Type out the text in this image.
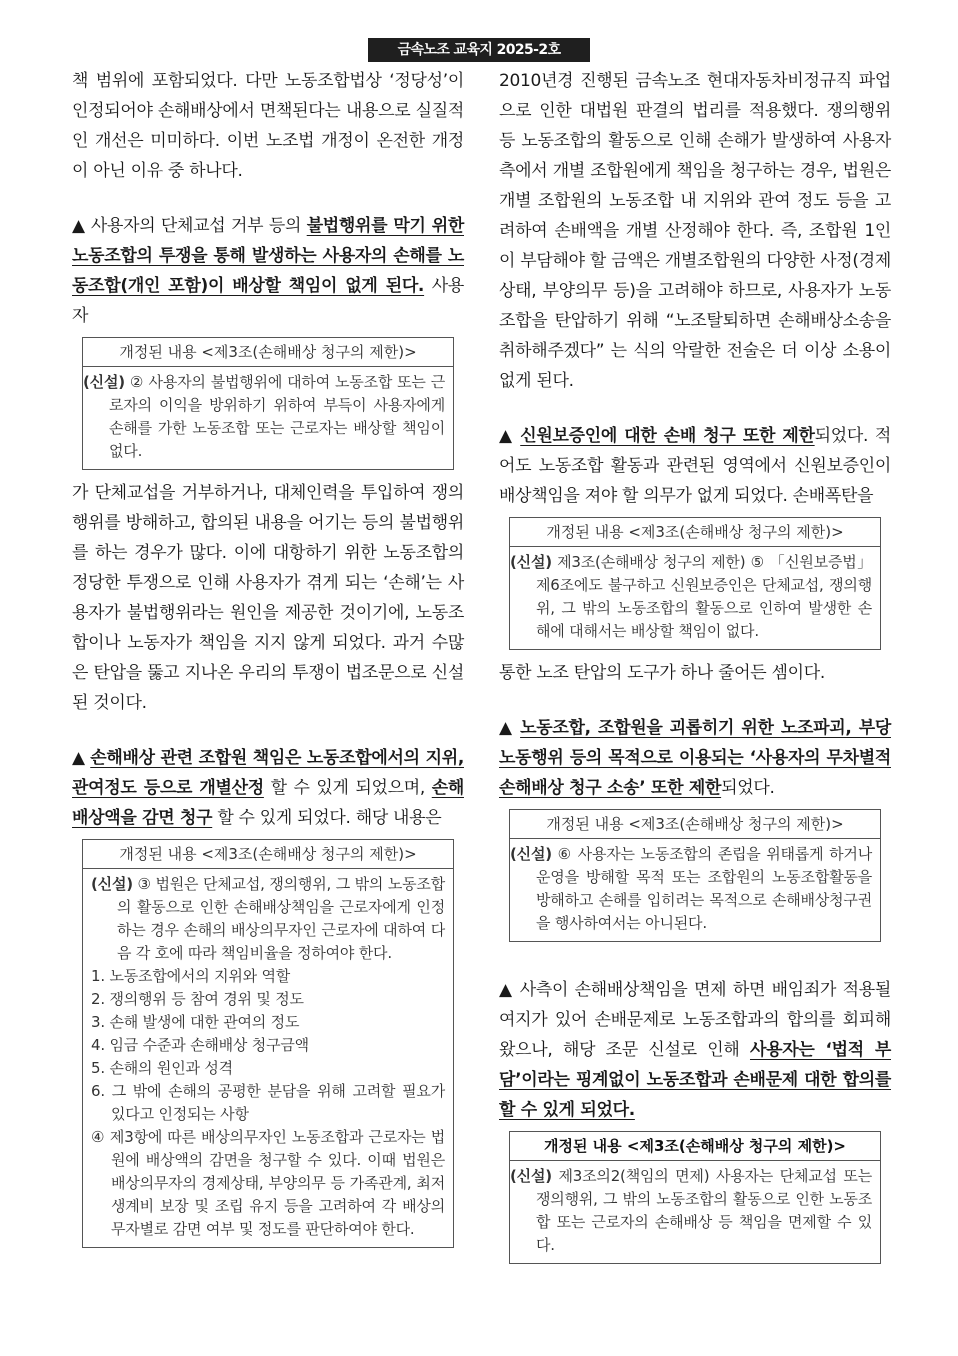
금속노조 교육지 2025-2호 (2025.9.3.)

책 범위에 포함되었다. 다만 노동조합법상 ‘정당성’이 인정되어야 손해배상에서 면책된다는 내용으로 실질적인 개선은 미미하다. 이번 노조법 개정이 온전한 개정이 아닌 이유 중 하나다.

▲ 사용자의 단체교섭 거부 등의 불법행위를 막기 위한 노동조합의 투쟁을 통해 발생하는 사용자의 손해를 노동조합(개인 포함)이 배상할 책임이 없게 된다. 사용자

개정된 내용 <제3조(손해배상 청구의 제한)>
(신설) ② 사용자의 불법행위에 대하여 노동조합 또는 근로자의 이익을 방위하기 위하여 부득이 사용자에게 손해를 가한 노동조합 또는 근로자는 배상할 책임이 없다.

가 단체교섭을 거부하거나, 대체인력을 투입하여 쟁의행위를 방해하고, 합의된 내용을 어기는 등의 불법행위를 하는 경우가 많다. 이에 대항하기 위한 노동조합의 정당한 투쟁으로 인해 사용자가 겪게 되는 ‘손해’는 사용자가 불법행위라는 원인을 제공한 것이기에, 노동조합이나 노동자가 책임을 지지 않게 되었다. 과거 수많은 탄압을 뚫고 지나온 우리의 투쟁이 법조문으로 신설된 것이다.

▲ 손해배상 관련 조합원 책임은 노동조합에서의 지위, 관여정도 등으로 개별산정 할 수 있게 되었으며, 손해배상액을 감면 청구 할 수 있게 되었다. 해당 내용은

개정된 내용 <제3조(손해배상 청구의 제한)>
(신설) ③ 법원은 단체교섭, 쟁의행위, 그 밖의 노동조합의 활동으로 인한 손해배상책임을 근로자에게 인정하는 경우 손해의 배상의무자인 근로자에 대하여 다음 각 호에 따라 책임비율을 정하여야 한다.
1. 노동조합에서의 지위와 역할
2. 쟁의행위 등 참여 경위 및 정도
3. 손해 발생에 대한 관여의 정도
4. 임금 수준과 손해배상 청구금액
5. 손해의 원인과 성격
6. 그 밖에 손해의 공평한 분담을 위해 고려할 필요가 있다고 인정되는 사항
④ 제3항에 따른 배상의무자인 노동조합과 근로자는 법원에 배상액의 감면을 청구할 수 있다. 이때 법원은 배상의무자의 경제상태, 부양의무 등 가족관계, 최저생계비 보장 및 조립 유지 등을 고려하여 각 배상의무자별로 감면 여부 및 정도를 판단하여야 한다.

2010년경 진행된 금속노조 현대자동차비정규직 파업으로 인한 대법원 판결의 법리를 적용했다. 쟁의행위 등 노동조합의 활동으로 인해 손해가 발생하여 사용자 측에서 개별 조합원에게 책임을 청구하는 경우, 법원은 개별 조합원의 노동조합 내 지위와 관여 정도 등을 고려하여 손배액을 개별 산정해야 한다. 즉, 조합원 1인이 부담해야 할 금액은 개별조합원의 다양한 사정(경제상태, 부양의무 등)을 고려해야 하므로, 사용자가 노동조합을 탄압하기 위해 “노조탈퇴하면 손해배상소송을 취하해주겠다” 는 식의 악랄한 전술은 더 이상 소용이 없게 된다.

▲ 신원보증인에 대한 손배 청구 또한 제한되었다. 적어도 노동조합 활동과 관련된 영역에서 신원보증인이 배상책임을 져야 할 의무가 없게 되었다. 손배폭탄을

개정된 내용 <제3조(손해배상 청구의 제한)>
(신설) 제3조(손해배상 청구의 제한) ⑤ 「신원보증법」 제6조에도 불구하고 신원보증인은 단체교섭, 쟁의행위, 그 밖의 노동조합의 활동으로 인하여 발생한 손해에 대해서는 배상할 책임이 없다.

통한 노조 탄압의 도구가 하나 줄어든 셈이다.

▲ 노동조합, 조합원을 괴롭히기 위한 노조파괴, 부당노동행위 등의 목적으로 이용되는 ‘사용자의 무차별적 손해배상 청구 소송’ 또한 제한되었다.

개정된 내용 <제3조(손해배상 청구의 제한)>
(신설) ⑥ 사용자는 노동조합의 존립을 위태롭게 하거나 운영을 방해할 목적 또는 조합원의 노동조합활동을 방해하고 손해를 입히려는 목적으로 손해배상청구권을 행사하여서는 아니된다.

▲ 사측이 손해배상책임을 면제 하면 배임죄가 적용될 여지가 있어 손배문제로 노동조합과의 합의를 회피해왔으나, 해당 조문 신설로 인해 사용자는 ‘법적 부담’이라는 핑계없이 노동조합과 손배문제 대한 합의를 할 수 있게 되었다.

개정된 내용 <제3조(손해배상 청구의 제한)>
(신설) 제3조의2(책임의 면제) 사용자는 단체교섭 또는 쟁의행위, 그 밖의 노동조합의 활동으로 인한 노동조합 또는 근로자의 손해배상 등 책임을 면제할 수 있다.
